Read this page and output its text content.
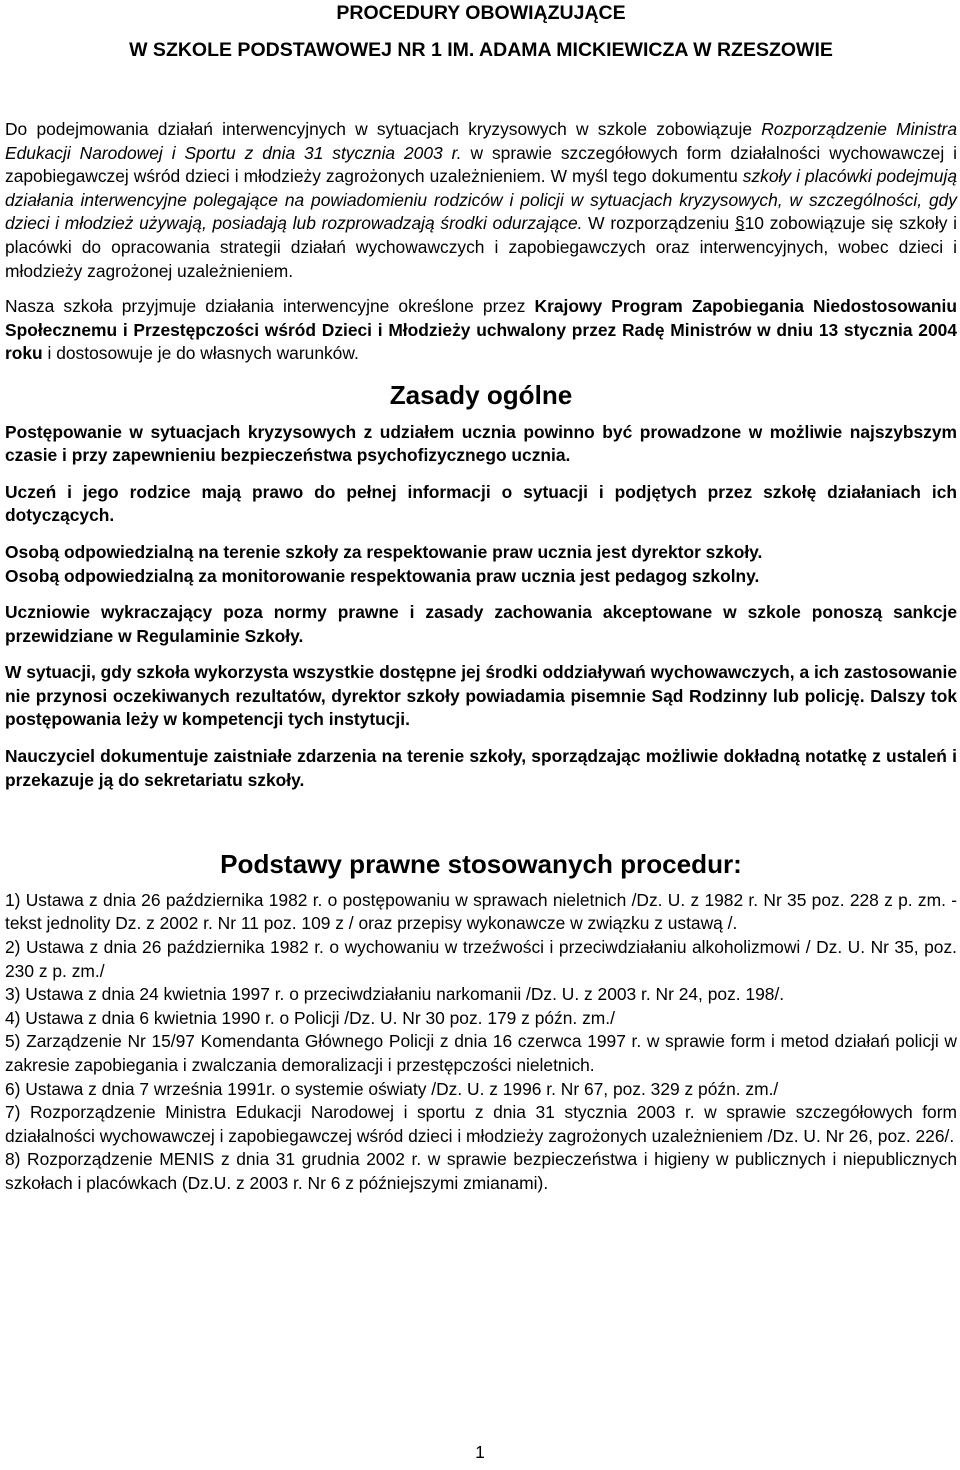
PROCEDURY OBOWIĄZUJĄCE
W SZKOLE PODSTAWOWEJ NR 1 IM. ADAMA MICKIEWICZA W RZESZOWIE

Do podejmowania działań interwencyjnych w sytuacjach kryzysowych w szkole zobowiązuje Rozporządzenie Ministra Edukacji Narodowej i Sportu z dnia 31 stycznia 2003 r. w sprawie szczegółowych form działalności wychowawczej i zapobiegawczej wśród dzieci i młodzieży zagrożonych uzależnieniem. W myśl tego dokumentu szkoły i placówki podejmują działania interwencyjne polegające na powiadomieniu rodziców i policji w sytuacjach kryzysowych, w szczególności, gdy dzieci i młodzież używają, posiadają lub rozprowadzają środki odurzające. W rozporządzeniu §10 zobowiązuje się szkoły i placówki do opracowania strategii działań wychowawczych i zapobiegawczych oraz interwencyjnych, wobec dzieci i młodzieży zagrożonej uzależnieniem.

Nasza szkoła przyjmuje działania interwencyjne określone przez Krajowy Program Zapobiegania Niedostosowaniu Społecznemu i Przestępczości wśród Dzieci i Młodzieży uchwalony przez Radę Ministrów w dniu 13 stycznia 2004 roku i dostosowuje je do własnych warunków.

Zasady ogólne

Postępowanie w sytuacjach kryzysowych z udziałem ucznia powinno być prowadzone w możliwie najszybszym czasie i przy zapewnieniu bezpieczeństwa psychofizycznego ucznia.

Uczeń i jego rodzice mają prawo do pełnej informacji o sytuacji i podjętych przez szkołę działaniach ich dotyczących.

Osobą odpowiedzialną na terenie szkoły za respektowanie praw ucznia jest dyrektor szkoły.

Osobą odpowiedzialną za monitorowanie respektowania praw ucznia jest pedagog szkolny.

Uczniowie wykraczający poza normy prawne i zasady zachowania akceptowane w szkole ponoszą sankcje przewidziane w Regulaminie Szkoły.

W sytuacji, gdy szkoła wykorzysta wszystkie dostępne jej środki oddziaływań wychowawczych, a ich zastosowanie nie przynosi oczekiwanych rezultatów, dyrektor szkoły powiadamia pisemnie Sąd Rodzinny lub policję. Dalszy tok postępowania leży w kompetencji tych instytucji.

Nauczyciel dokumentuje zaistniałe zdarzenia na terenie szkoły, sporządzając możliwie dokładną notatkę z ustaleń i przekazuje ją do sekretariatu szkoły.

Podstawy prawne stosowanych procedur:

1) Ustawa z dnia 26 października 1982 r. o postępowaniu w sprawach nieletnich /Dz. U. z 1982 r. Nr 35 poz. 228 z p. zm. - tekst jednolity Dz. z 2002 r. Nr 11 poz. 109 z / oraz przepisy wykonawcze w związku z ustawą /.

2) Ustawa z dnia 26 października 1982 r. o wychowaniu w trzeźwości i przeciwdziałaniu alkoholizmowi / Dz. U. Nr 35, poz. 230 z p. zm./

3) Ustawa z dnia 24 kwietnia 1997 r. o przeciwdziałaniu narkomanii /Dz. U. z 2003 r. Nr 24, poz. 198/.

4) Ustawa z dnia 6 kwietnia 1990 r. o Policji /Dz. U. Nr 30 poz. 179 z późn. zm./

5) Zarządzenie Nr 15/97 Komendanta Głównego Policji z dnia 16 czerwca 1997 r. w sprawie form i metod działań policji w zakresie zapobiegania i zwalczania demoralizacji i przestępczości nieletnich.

6) Ustawa z dnia 7 września 1991r. o systemie oświaty /Dz. U. z 1996 r. Nr 67, poz. 329 z późn. zm./

7) Rozporządzenie Ministra Edukacji Narodowej i sportu z dnia 31 stycznia 2003 r. w sprawie szczegółowych form działalności wychowawczej i zapobiegawczej wśród dzieci i młodzieży zagrożonych uzależnieniem /Dz. U. Nr 26, poz. 226/.

8) Rozporządzenie MENIS z dnia 31 grudnia 2002 r. w sprawie bezpieczeństwa i higieny w publicznych i niepublicznych szkołach i placówkach (Dz.U. z 2003 r. Nr 6 z późniejszymi zmianami).

1
